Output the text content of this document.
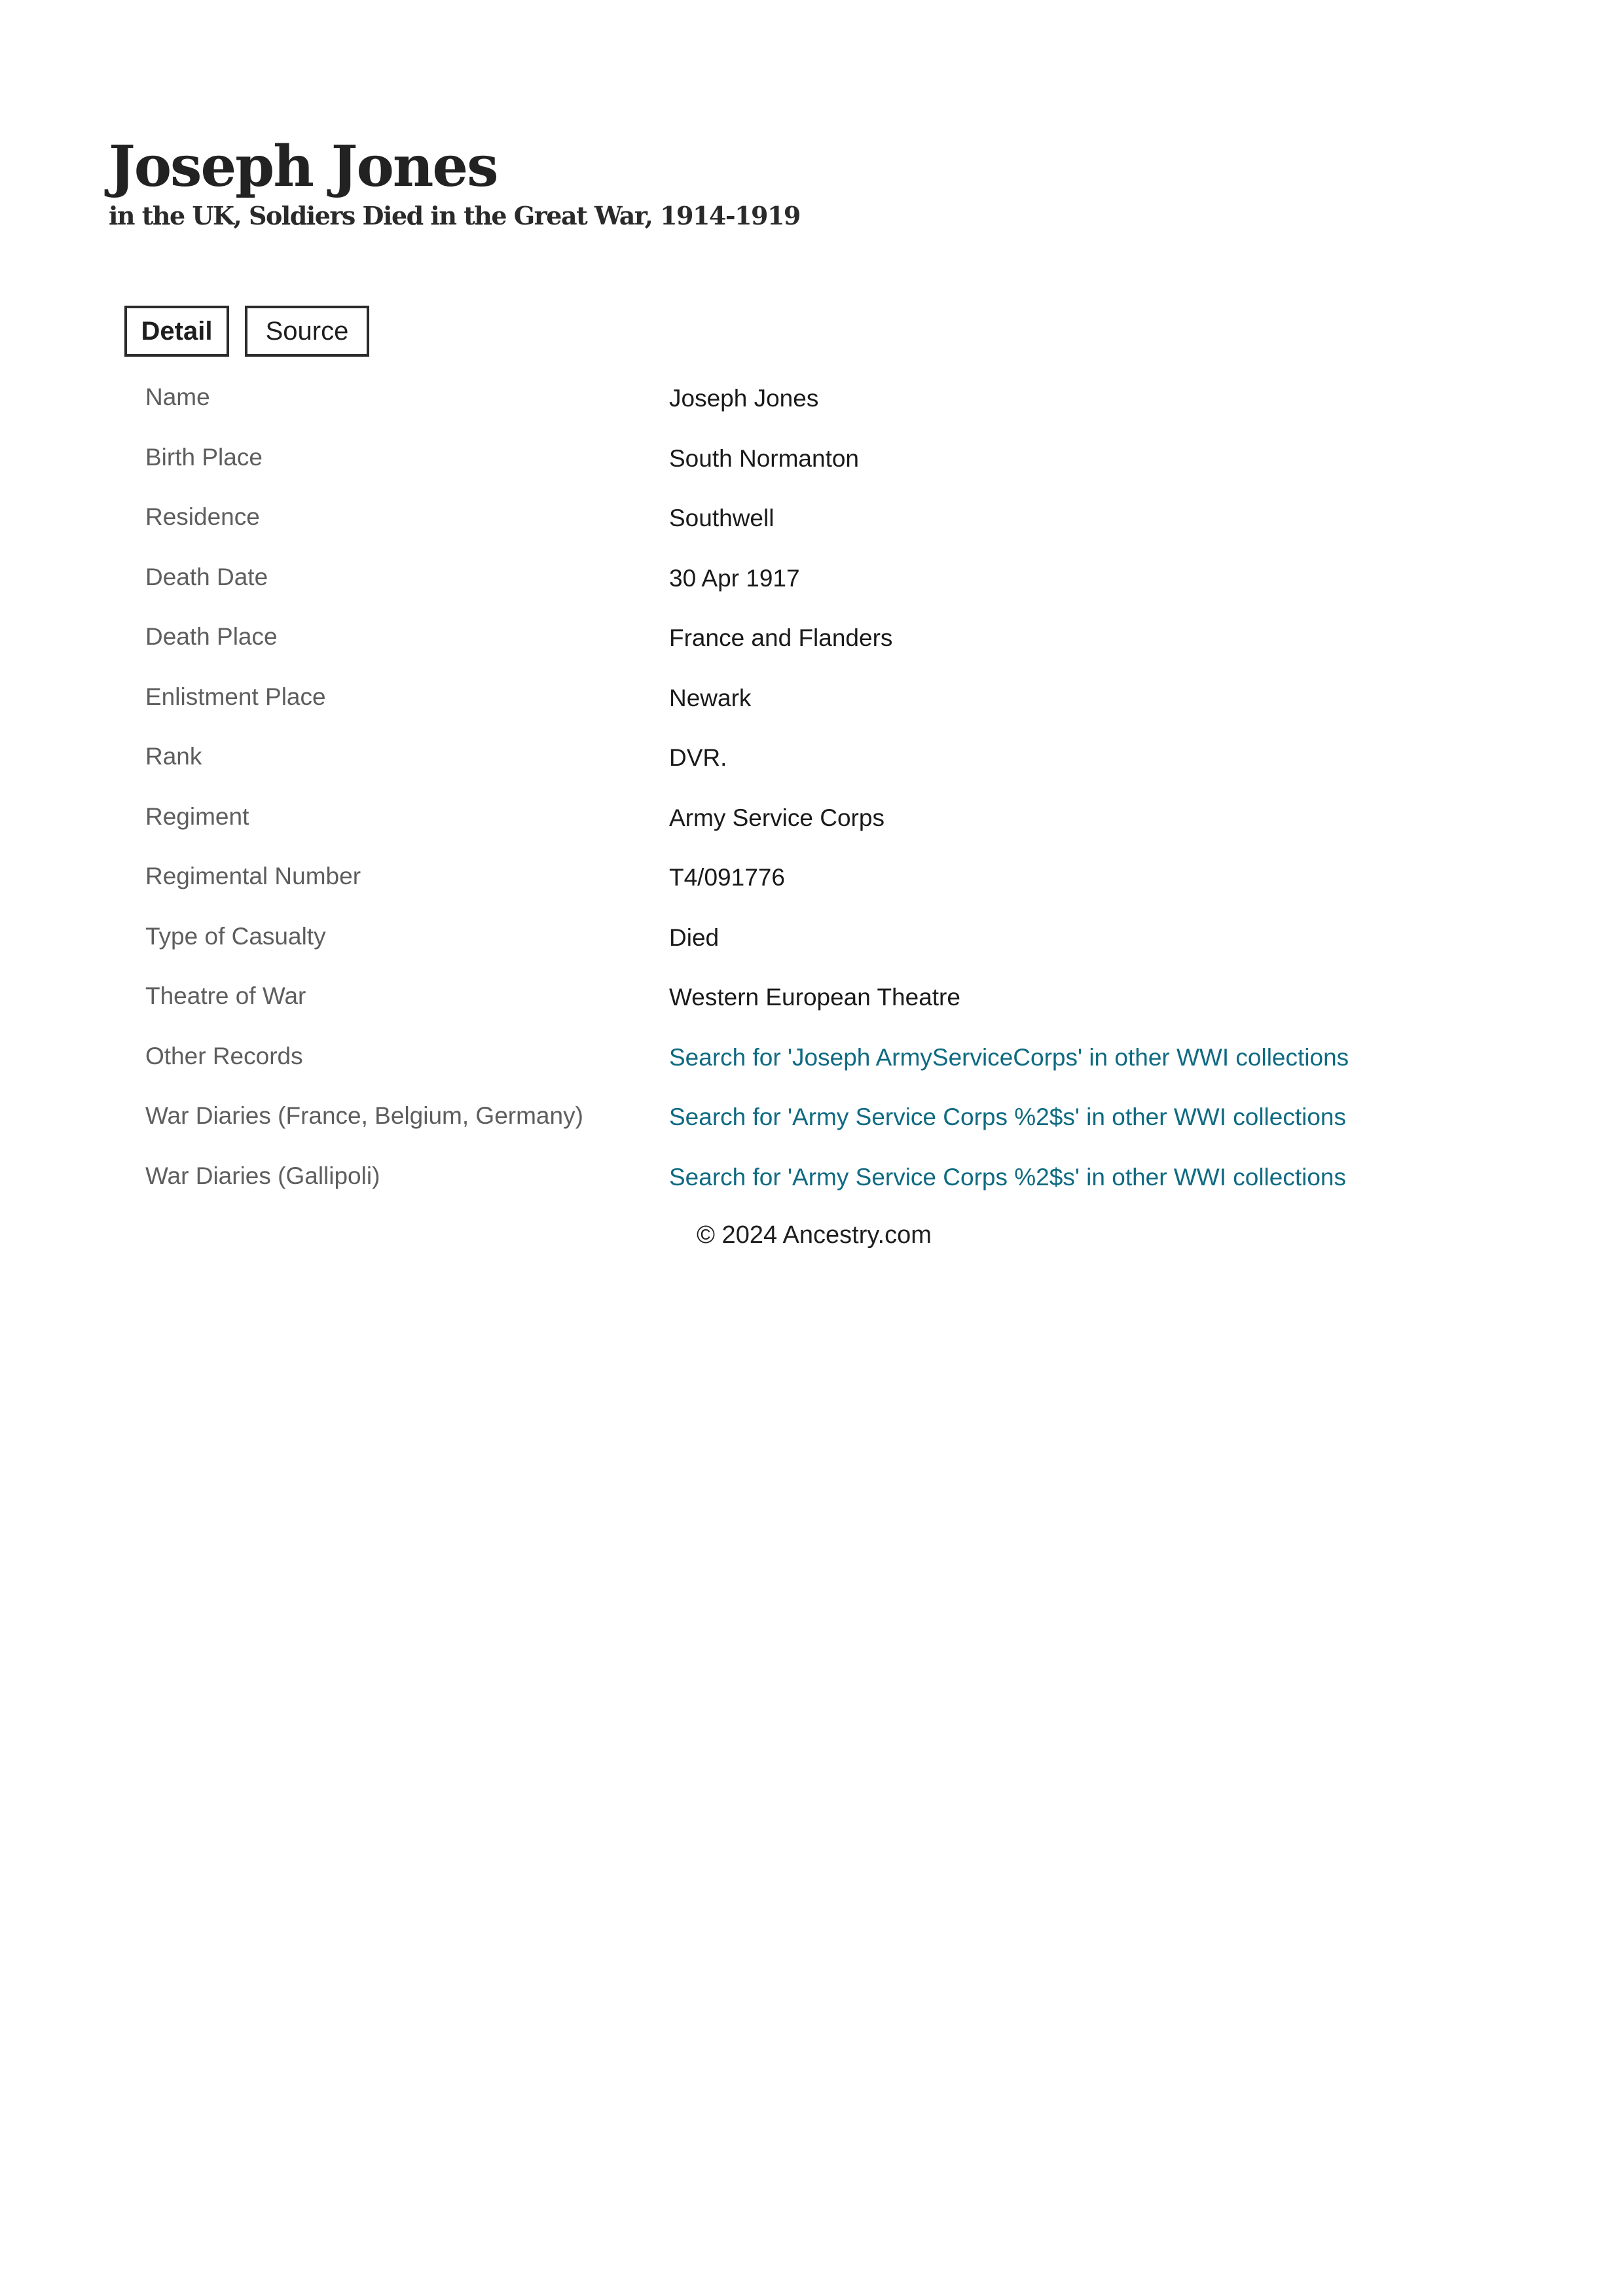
Joseph Jones
in the UK, Soldiers Died in the Great War, 1914-1919
Detail	Source
Name	Joseph Jones
Birth Place	South Normanton
Residence	Southwell
Death Date	30 Apr 1917
Death Place	France and Flanders
Enlistment Place	Newark
Rank	DVR.
Regiment	Army Service Corps
Regimental Number	T4/091776
Type of Casualty	Died
Theatre of War	Western European Theatre
Other Records	Search for 'Joseph ArmyServiceCorps' in other WWI collections
War Diaries (France, Belgium, Germany)	Search for 'Army Service Corps %2$s' in other WWI collections
War Diaries (Gallipoli)	Search for 'Army Service Corps %2$s' in other WWI collections
© 2024 Ancestry.com
